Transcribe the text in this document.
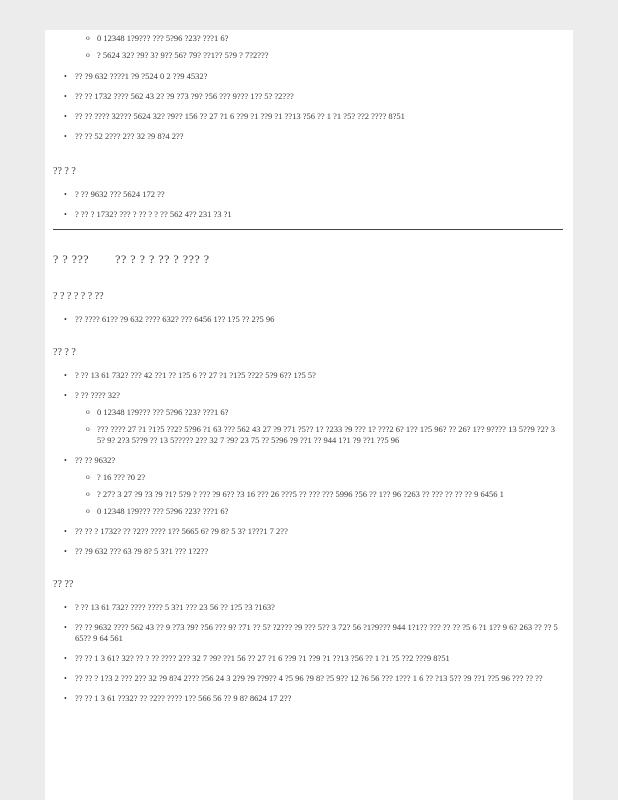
o 0 12348 1?9??? ??? 5?96 ?23? ???1 6?
o ? 5624 32? ?9? 3? 9?? 56? 79? ??1?? 5?9 ? 7?2???
• ?? ?9 632 ????1 ?9 ?524 0 2 ??9 4532?
• ?? ?? 1732 ???? 562 43 2? ?9 ?73 ?9? ?56 ??? 9??? 1?? 5? ?2???
• ?? ?? ???? 32??? 5624 32? ?9?? 156 ?? 27 ?1 6 ??9 ?1 ??9 ?1 ??13 ?56 ?? 1 ?1 ?5? ??2 ???? 8?51
• ?? ?? 52 2??? 2?? 32 ?9 8?4 2??
?? ? ?
• ? ?? 9632 ??? 5624 172 ??
• ? ?? ? 1732? ??? ? ?? ? ? ?? 562 4?? 231 ?3 ?1
? ? ??? ?? ? ? ? ?? ? ??? ?
? ? ? ? ? ? ??
• ?? ???? 61?? ?9 632 ???? 632? ??? 6456 1?? 1?5 ?? 2?5 96
?? ? ?
• ? ?? 13 61 732? ??? 42 ??1 ?? 1?5 6 ?? 27 ?1 ?1?5 ??2? 5?9 6?? 1?5 5?
• ? ?? ???? 32?
o 0 12348 1?9??? ??? 5?96 ?23? ???1 6?
o ??? ???? 27 ?1 ?1?5 ??2? 5?96 ?1 63 ??? 562 43 27 ?9 ?71 ?5?? 1? ?233 ?9 ??? 1? ???2 6? 1?? 1?5 96? ?? 26? 1?? 9???? 13 5??9 ?2? 3 5? 9? 2?3 5??9 ?? 13 5????? 2?? 32 7 ?9? 23 75 ?? 5?96 ?9 ??1 ?? 944 1?1 ?9 ??1 ??5 96
• ?? ?? 9632?
o ? 16 ??? ?0 2?
o ? 27? 3 27 ?9 ?3 ?9 ?1? 5?9 ? ??? ?9 6?? ?3 16 ??? 26 ???5 ?? ??? ??? 5996 ?56 ?? 1?? 96 ?263 ?? ??? ?? ?? ?? 9 6456 1
o 0 12348 1?9??? ??? 5?96 ?23? ???1 6?
• ?? ?? ? 1732? ?? ?2?? ???? 1?? 5665 6? ?9 8? 5 3? 1???1 7 2??
• ?? ?9 632 ??? 63 ?9 8? 5 3?1 ??? 1?2??
?? ??
• ? ?? 13 61 732? ???? ???? 5 3?1 ??? 23 56 ?? 1?5 ?3 ?163?
• ?? ?? 9632 ???? 562 43 ?? 9 ?73 ?9? ?56 ??? 9? ?71 ?? 5? ?2??? ?9 ??? 5?? 3 72? 56 ?1?9??? 944 1?1?? ??? ?? ?? ?5 6 ?1 1?? 9 6? 263 ?? ?? 5 65?? 9 64 561
• ?? ?? 1 3 61? 32? ?? ? ?? ???? 2?? 32 7 ?9? ??1 56 ?? 27 ?1 6 ??9 ?1 ??9 ?1 ??13 ?56 ?? 1 ?1 ?5 ??2 ???9 8?51
• ?? ?? ? 1?3 2 ??? 2?? 32 ?9 8?4 2??? ?56 24 3 2?9 ?9 ??9?? 4 ?5 96 ?9 8? ?5 9?? 12 ?6 56 ??? 1??? 1 6 ?? ?13 5?? ?9 ??1 ??5 96 ??? ?? ??
• ?? ?? 1 3 61 ??32? ?? ?2?? ???? 1?? 566 56 ?? 9 8? 8624 17 2??
